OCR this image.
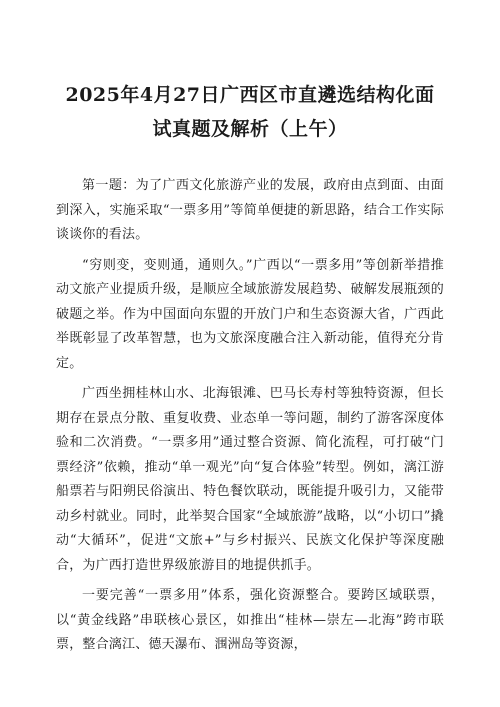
2025年4月27日广西区市直遴选结构化面
试真题及解析（上午）

第一题：为了广西文化旅游产业的发展，政府由点到面、由面到深入，实施采取“一票多用”等简单便捷的新思路，结合工作实际谈谈你的看法。

“穷则变，变则通，通则久。”广西以“一票多用”等创新举措推动文旅产业提质升级，是顺应全域旅游发展趋势、破解发展瓶颈的破题之举。作为中国面向东盟的开放门户和生态资源大省，广西此举既彰显了改革智慧，也为文旅深度融合注入新动能，值得充分肯定。

广西坐拥桂林山水、北海银滩、巴马长寿村等独特资源，但长期存在景点分散、重复收费、业态单一等问题，制约了游客深度体验和二次消费。“一票多用”通过整合资源、简化流程，可打破“门票经济”依赖，推动“单一观光”向“复合体验”转型。例如，漓江游船票若与阳朔民俗演出、特色餐饮联动，既能提升吸引力，又能带动乡村就业。同时，此举契合国家“全域旅游”战略，以“小切口”撬动“大循环”，促进“文旅+”与乡村振兴、民族文化保护等深度融合，为广西打造世界级旅游目的地提供抓手。

一要完善“一票多用”体系，强化资源整合。要跨区域联票，以“黄金线路”串联核心景区，如推出“桂林—崇左—北海”跨市联票，整合漓江、德天瀑布、涠洲岛等资源，
